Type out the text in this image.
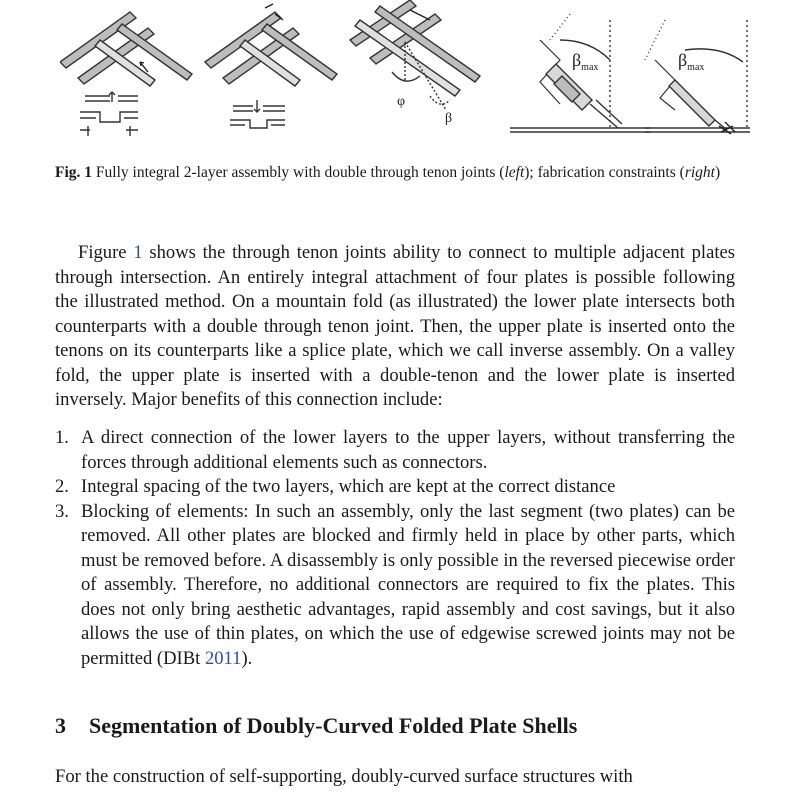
φ
β
$\beta_{max}$	$\beta_{max}$
Fig. 1 Fully integral 2-layer assembly with double through tenon joints (left); fabrication constraints (right)
Figure 1 shows the through tenon joints ability to connect to multiple adjacent plates through intersection. An entirely integral attachment of four plates is possible following the illustrated method. On a mountain fold (as illustrated) the lower plate intersects both counterparts with a double through tenon joint. Then, the upper plate is inserted onto the tenons on its counterparts like a splice plate, which we call inverse assembly. On a valley fold, the upper plate is inserted with a double-tenon and the lower plate is inserted inversely. Major benefits of this connection include:
1. A direct connection of the lower layers to the upper layers, without transferring the forces through additional elements such as connectors.
2. Integral spacing of the two layers, which are kept at the correct distance
3. Blocking of elements: In such an assembly, only the last segment (two plates) can be removed. All other plates are blocked and firmly held in place by other parts, which must be removed before. A disassembly is only possible in the reversed piecewise order of assembly. Therefore, no additional connectors are required to fix the plates. This does not only bring aesthetic advantages, rapid assembly and cost savings, but it also allows the use of thin plates, on which the use of edgewise screwed joints may not be permitted (DIBt 2011).
3 Segmentation of Doubly-Curved Folded Plate Shells
For the construction of self-supporting, doubly-curved surface structures with
